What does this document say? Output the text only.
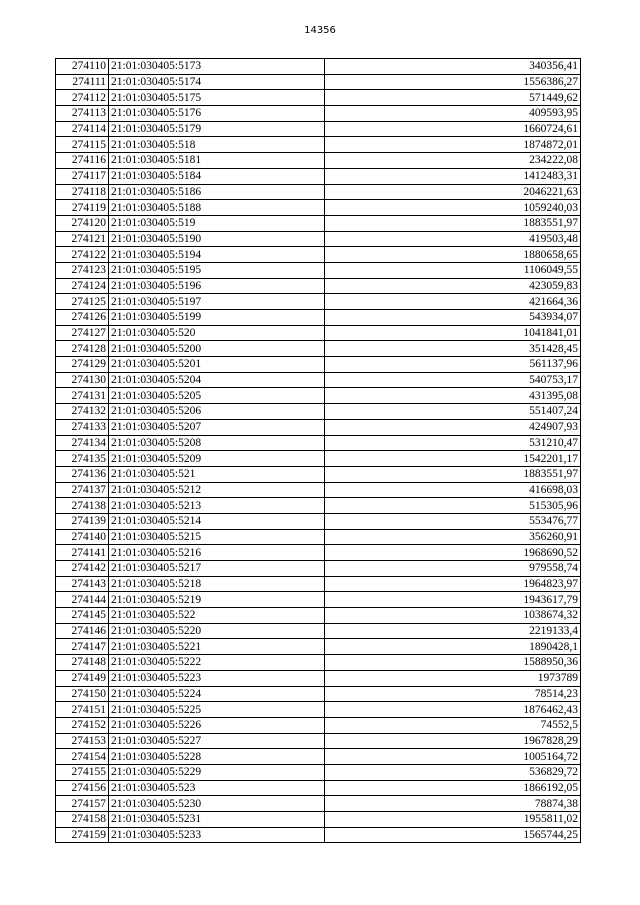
14356
274110	21:01:030405:5173	340356,41
274111	21:01:030405:5174	1556386,27
274112	21:01:030405:5175	571449,62
274113	21:01:030405:5176	409593,95
274114	21:01:030405:5179	1660724,61
274115	21:01:030405:518	1874872,01
274116	21:01:030405:5181	234222,08
274117	21:01:030405:5184	1412483,31
274118	21:01:030405:5186	2046221,63
274119	21:01:030405:5188	1059240,03
274120	21:01:030405:519	1883551,97
274121	21:01:030405:5190	419503,48
274122	21:01:030405:5194	1880658,65
274123	21:01:030405:5195	1106049,55
274124	21:01:030405:5196	423059,83
274125	21:01:030405:5197	421664,36
274126	21:01:030405:5199	543934,07
274127	21:01:030405:520	1041841,01
274128	21:01:030405:5200	351428,45
274129	21:01:030405:5201	561137,96
274130	21:01:030405:5204	540753,17
274131	21:01:030405:5205	431395,08
274132	21:01:030405:5206	551407,24
274133	21:01:030405:5207	424907,93
274134	21:01:030405:5208	531210,47
274135	21:01:030405:5209	1542201,17
274136	21:01:030405:521	1883551,97
274137	21:01:030405:5212	416698,03
274138	21:01:030405:5213	515305,96
274139	21:01:030405:5214	553476,77
274140	21:01:030405:5215	356260,91
274141	21:01:030405:5216	1968690,52
274142	21:01:030405:5217	979558,74
274143	21:01:030405:5218	1964823,97
274144	21:01:030405:5219	1943617,79
274145	21:01:030405:522	1038674,32
274146	21:01:030405:5220	2219133,4
274147	21:01:030405:5221	1890428,1
274148	21:01:030405:5222	1588950,36
274149	21:01:030405:5223	1973789
274150	21:01:030405:5224	78514,23
274151	21:01:030405:5225	1876462,43
274152	21:01:030405:5226	74552,5
274153	21:01:030405:5227	1967828,29
274154	21:01:030405:5228	1005164,72
274155	21:01:030405:5229	536829,72
274156	21:01:030405:523	1866192,05
274157	21:01:030405:5230	78874,38
274158	21:01:030405:5231	1955811,02
274159	21:01:030405:5233	1565744,25
